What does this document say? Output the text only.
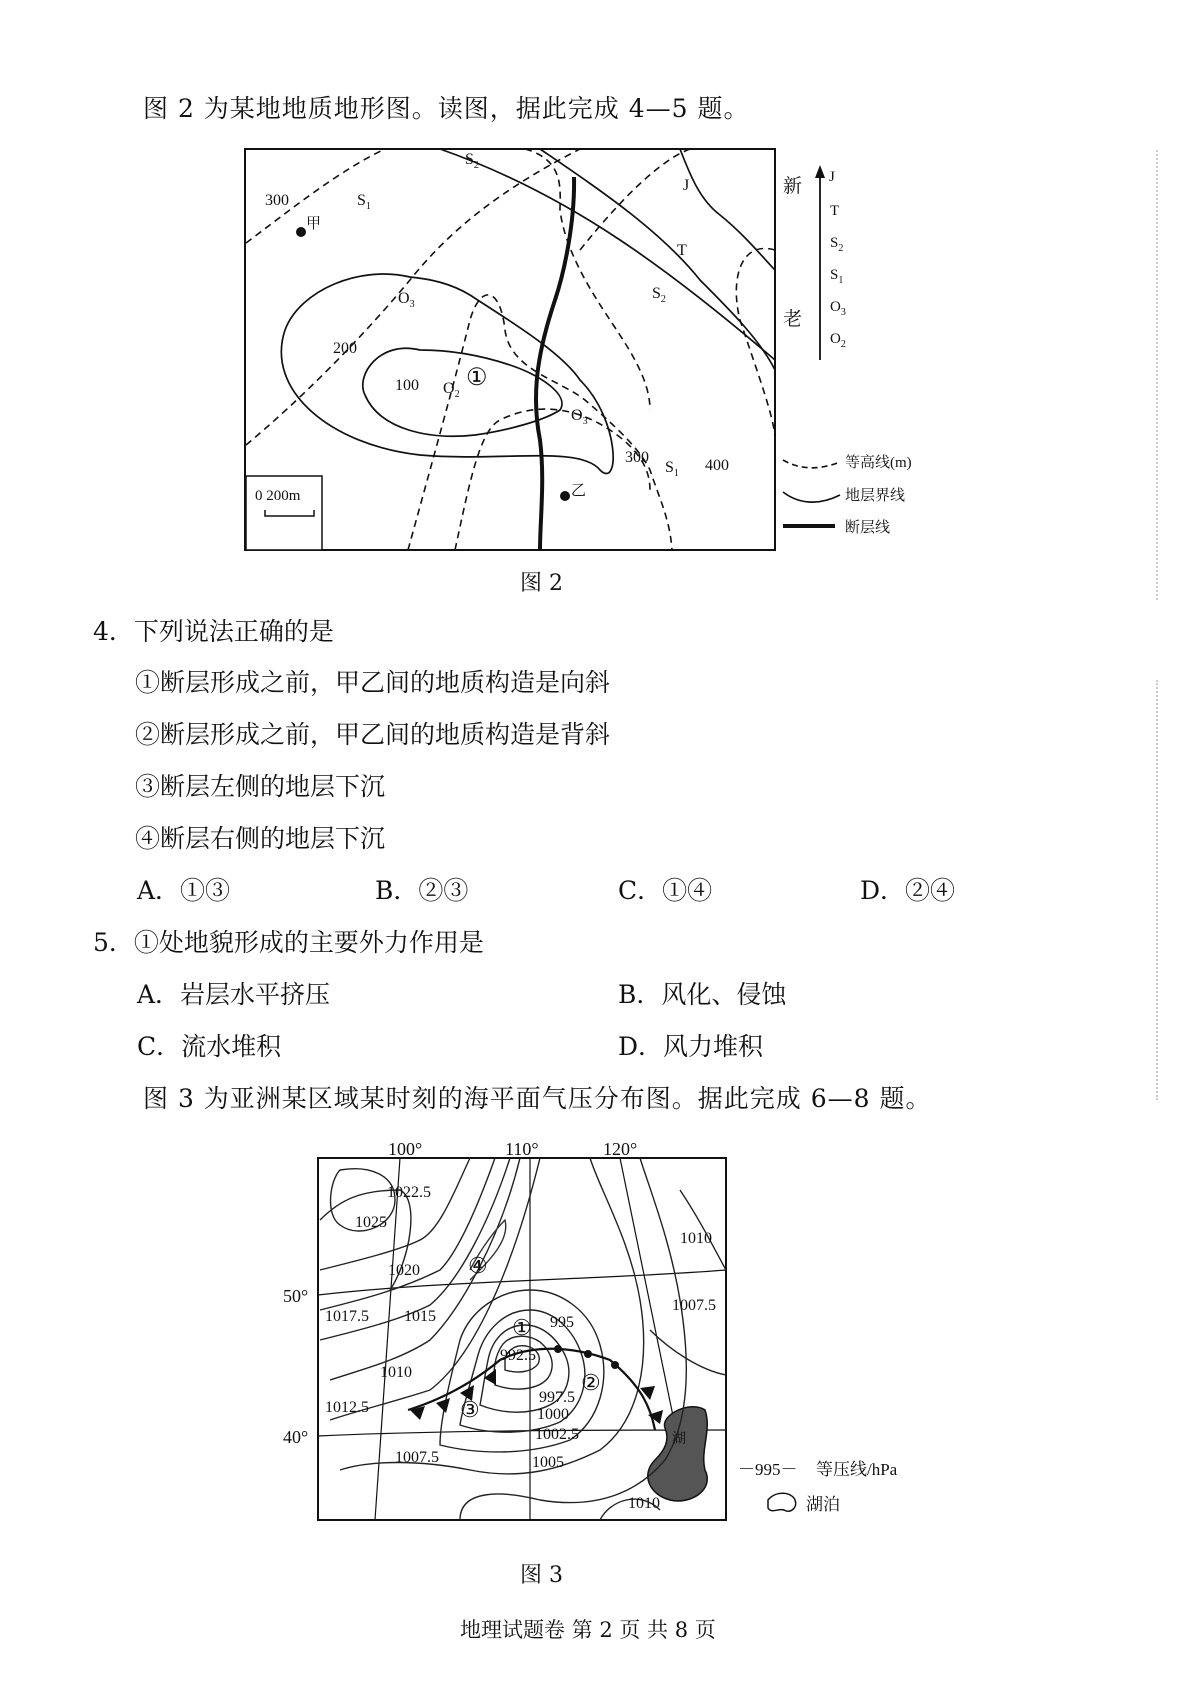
图 2 为某地地质地形图。读图，据此完成 4—5 题。
$S_1$
$S_2$
$O_3$
$O_2$
$O_3$
$S_2$
$S_1$
J
T
300
200
100
300	400
①
甲
乙
0 200m
新
老
J
T
$S_2$
$S_1$
$O_3$
$O_2$
等高线(m)
地层界线
断层线
图 2
4．下列说法正确的是
①断层形成之前，甲乙间的地质构造是向斜
②断层形成之前，甲乙间的地质构造是背斜
③断层左侧的地层下沉
④断层右侧的地层下沉
A．①③	B．②③	C．①④	D．②④
5．①处地貌形成的主要外力作用是
A．岩层水平挤压	B．风化、侵蚀
C．流水堆积	D．风力堆积
图 3 为亚洲某区域某时刻的海平面气压分布图。据此完成 6—8 题。
100°	110°	120°
50°
40°
1022.5
1025
1020
1017.5 1015
1010
1012.5
1007.5
1010
1007.5
995
992.5
997.5
1000
1002.5
1005
1010
①
②
③
④
湖
－995－ 等压线/hPa
湖泊
图 3
地理试题卷 第 2 页 共 8 页
